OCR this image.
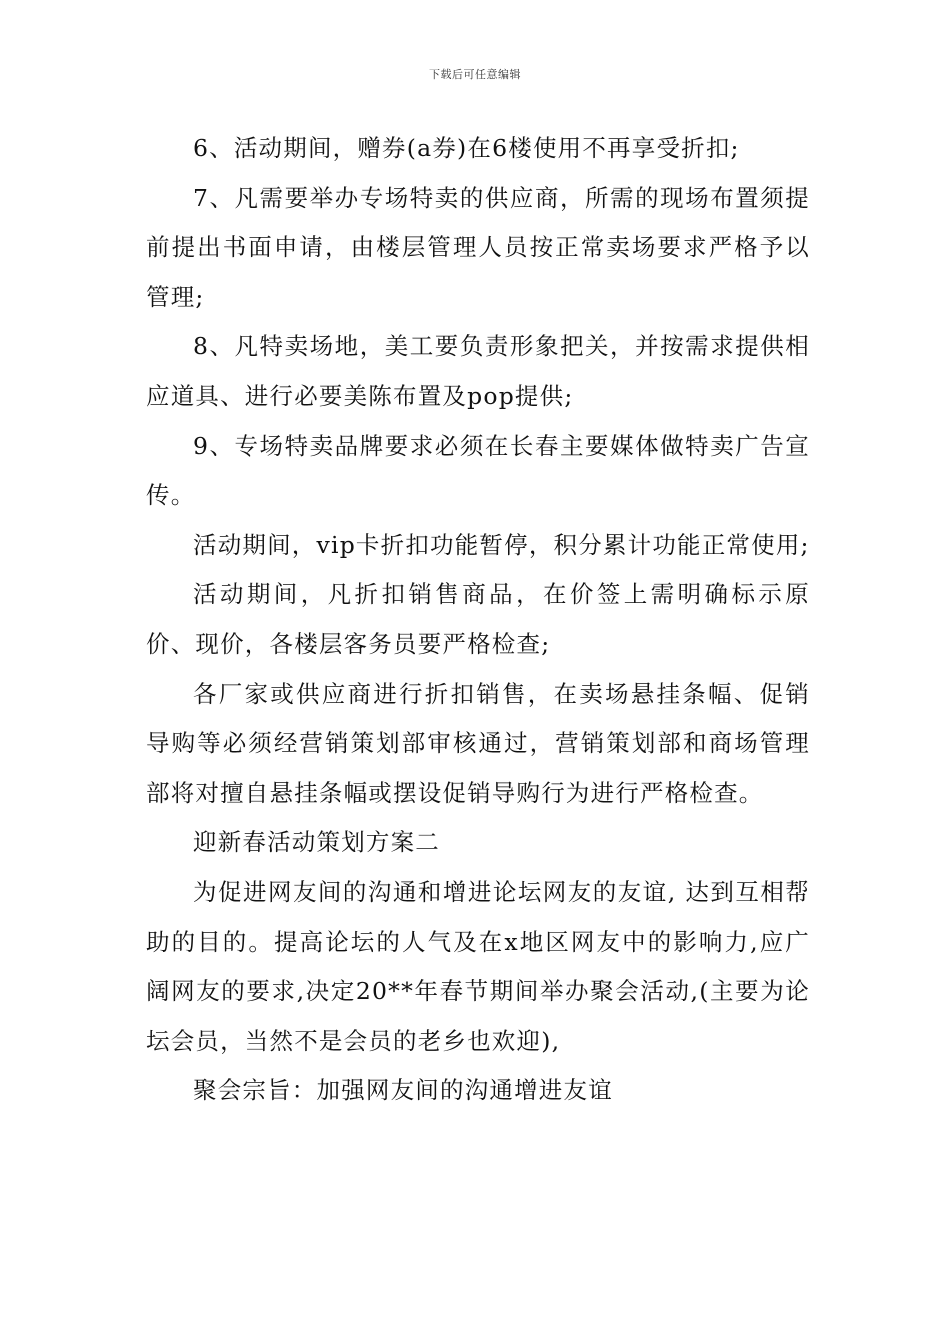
下载后可任意编辑

6、活动期间，赠券(a券)在6楼使用不再享受折扣;

7、凡需要举办专场特卖的供应商，所需的现场布置须提前提出书面申请，由楼层管理人员按正常卖场要求严格予以管理;

8、凡特卖场地，美工要负责形象把关，并按需求提供相应道具、进行必要美陈布置及pop提供;

9、专场特卖品牌要求必须在长春主要媒体做特卖广告宣传。

活动期间，vip卡折扣功能暂停，积分累计功能正常使用;

活动期间，凡折扣销售商品，在价签上需明确标示原价、现价，各楼层客务员要严格检查;

各厂家或供应商进行折扣销售，在卖场悬挂条幅、促销导购等必须经营销策划部审核通过，营销策划部和商场管理部将对擅自悬挂条幅或摆设促销导购行为进行严格检查。

迎新春活动策划方案二

为促进网友间的沟通和增进论坛网友的友谊, 达到互相帮助的目的。提高论坛的人气及在x地区网友中的影响力,应广阔网友的要求,决定20**年春节期间举办聚会活动,(主要为论坛会员，当然不是会员的老乡也欢迎),

聚会宗旨：加强网友间的沟通增进友谊
